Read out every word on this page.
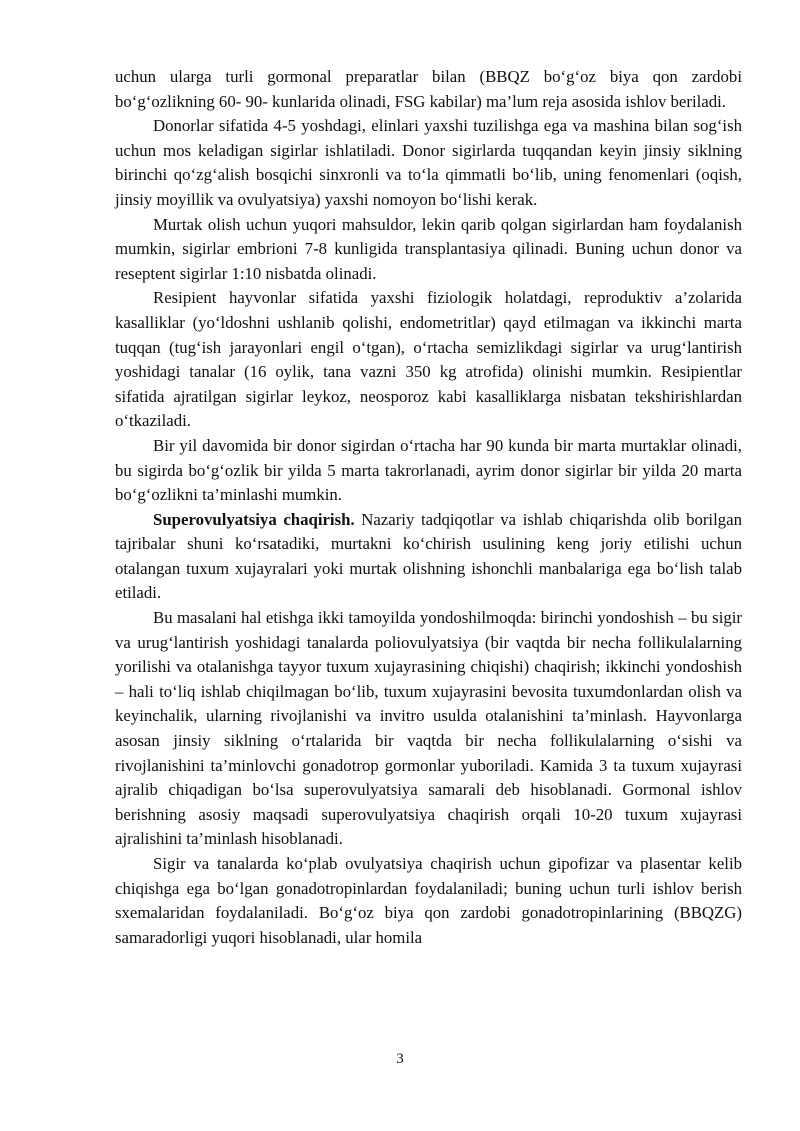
uchun ularga turli gormonal preparatlar bilan (BBQZ bo‘g‘oz biya qon zardobi bo‘g‘ozlikning 60- 90- kunlarida olinadi, FSG kabilar) ma’lum reja asosida ishlov beriladi.

Donorlar sifatida 4-5 yoshdagi, elinlari yaxshi tuzilishga ega va mashina bilan sog‘ish uchun mos keladigan sigirlar ishlatiladi. Donor sigirlarda tuqqandan keyin jinsiy siklning birinchi qo‘zg‘alish bosqichi sinxronli va to‘la qimmatli bo‘lib, uning fenomenlari (oqish, jinsiy moyillik va ovulyatsiya) yaxshi nomoyon bo‘lishi kerak.

Murtak olish uchun yuqori mahsuldor, lekin qarib qolgan sigirlardan ham foydalanish mumkin, sigirlar embrioni 7-8 kunligida transplantasiya qilinadi. Buning uchun donor va reseptent sigirlar 1:10 nisbatda olinadi.

Resipient hayvonlar sifatida yaxshi fiziologik holatdagi, reproduktiv a’zolarida kasalliklar (yo‘ldoshni ushlanib qolishi, endometritlar) qayd etilmagan va ikkinchi marta tuqqan (tug‘ish jarayonlari engil o‘tgan), o‘rtacha semizlikdagi sigirlar va urug‘lantirish yoshidagi tanalar (16 oylik, tana vazni 350 kg atrofida) olinishi mumkin. Resipientlar sifatida ajratilgan sigirlar leykoz, neosporoz kabi kasalliklarga nisbatan tekshirishlardan o‘tkaziladi.

Bir yil davomida bir donor sigirdan o‘rtacha har 90 kunda bir marta murtaklar olinadi, bu sigirda bo‘g‘ozlik bir yilda 5 marta takrorlanadi, ayrim donor sigirlar bir yilda 20 marta bo‘g‘ozlikni ta’minlashi mumkin.

Superovulyatsiya chaqirish. Nazariy tadqiqotlar va ishlab chiqarishda olib borilgan tajribalar shuni ko‘rsatadiki, murtakni ko‘chirish usulining keng joriy etilishi uchun otalangan tuxum xujayralari yoki murtak olishning ishonchli manbalariga ega bo‘lish talab etiladi.

Bu masalani hal etishga ikki tamoyilda yondoshilmoqda: birinchi yondoshish – bu sigir va urug‘lantirish yoshidagi tanalarda poliovulyatsiya (bir vaqtda bir necha follikulalarning yorilishi va otalanishga tayyor tuxum xujayrasining chiqishi) chaqirish; ikkinchi yondoshish – hali to‘liq ishlab chiqilmagan bo‘lib, tuxum xujayrasini bevosita tuxumdonlardan olish va keyinchalik, ularning rivojlanishi va invitro usulda otalanishini ta’minlash. Hayvonlarga asosan jinsiy siklning o‘rtalarida bir vaqtda bir necha follikulalarning o‘sishi va rivojlanishini ta’minlovchi gonadotrop gormonlar yuboriladi. Kamida 3 ta tuxum xujayrasi ajralib chiqadigan bo‘lsa superovulyatsiya samarali deb hisoblanadi. Gormonal ishlov berishning asosiy maqsadi superovulyatsiya chaqirish orqali 10-20 tuxum xujayrasi ajralishini ta’minlash hisoblanadi.

Sigir va tanalarda ko‘plab ovulyatsiya chaqirish uchun gipofizar va plasentar kelib chiqishga ega bo‘lgan gonadotropinlardan foydalaniladi; buning uchun turli ishlov berish sxemalaridan foydalaniladi. Bo‘g‘oz biya qon zardobi gonadotropinlarining (BBQZG) samaradorligi yuqori hisoblanadi, ular homila

3
